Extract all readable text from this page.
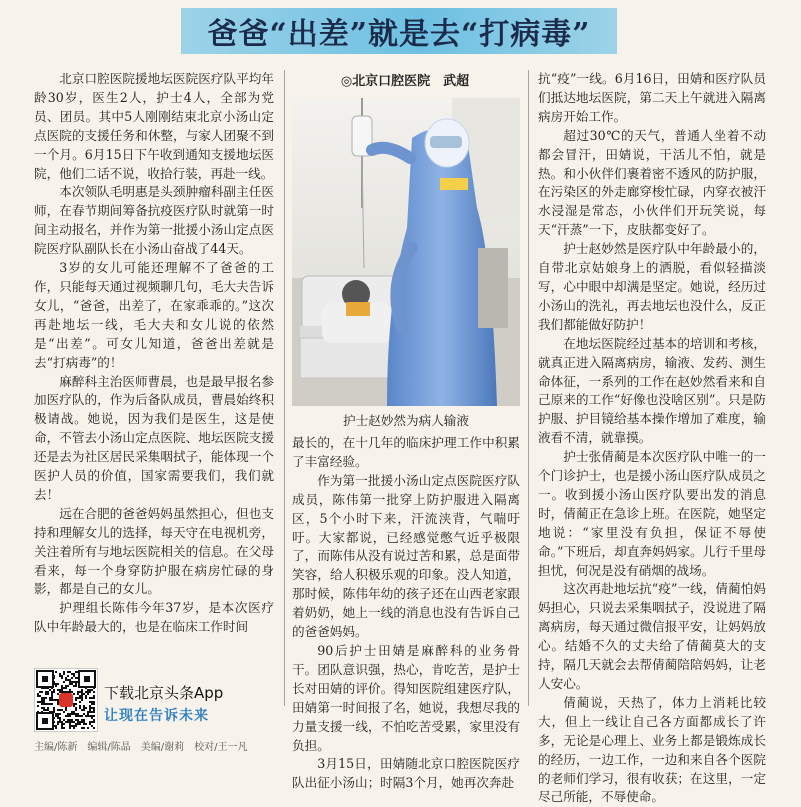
爸爸“出差”就是去“打病毒”

北京口腔医院援地坛医院医疗队平均年龄30岁，医生2人，护士4人，全部为党员、团员。其中5人刚刚结束北京小汤山定点医院的支援任务和休整，与家人团聚不到一个月。6月15日下午收到通知支援地坛医院，他们二话不说，收拾行装，再赴一线。

本次领队毛明惠是头颈肿瘤科副主任医师，在春节期间筹备抗疫医疗队时就第一时间主动报名，并作为第一批援小汤山定点医院医疗队副队长在小汤山奋战了44天。

3岁的女儿可能还理解不了爸爸的工作，只能每天通过视频聊几句，毛大夫告诉女儿，“爸爸，出差了，在家乖乖的。”这次再赴地坛一线，毛大夫和女儿说的依然是“出差”。可女儿知道，爸爸出差就是去“打病毒”的！

麻醉科主治医师曹晨，也是最早报名参加医疗队的，作为后备队成员，曹晨始终积极请战。她说，因为我们是医生，这是使命，不管去小汤山定点医院、地坛医院支援还是去为社区居民采集咽拭子，能体现一个医护人员的价值，国家需要我们，我们就去！

远在合肥的爸爸妈妈虽然担心，但也支持和理解女儿的选择，每天守在电视机旁，关注着所有与地坛医院相关的信息。在父母看来，每一个身穿防护服在病房忙碌的身影，都是自己的女儿。

护理组长陈伟今年37岁，是本次医疗队中年龄最大的，也是在临床工作时间

◎北京口腔医院　武超
护士赵妙然为病人输液

最长的，在十几年的临床护理工作中积累了丰富经验。

作为第一批援小汤山定点医院医疗队成员，陈伟第一批穿上防护服进入隔离区，5个小时下来，汗流浃背，气喘吁吁。大家都说，已经感觉憋气近乎极限了，而陈伟从没有说过苦和累，总是面带笑容，给人积极乐观的印象。没人知道，那时候，陈伟年幼的孩子还在山西老家跟着奶奶，她上一线的消息也没有告诉自己的爸爸妈妈。

90后护士田婧是麻醉科的业务骨干。团队意识强，热心，肯吃苦，是护士长对田婧的评价。得知医院组建医疗队，田婧第一时间报了名，她说，我想尽我的力量支援一线，不怕吃苦受累，家里没有负担。

3月15日，田婧随北京口腔医院医疗队出征小汤山；时隔3个月，她再次奔赴

抗“疫”一线。6月16日，田婧和医疗队员们抵达地坛医院，第二天上午就进入隔离病房开始工作。

超过30℃的天气，普通人坐着不动都会冒汗，田婧说，干活儿不怕，就是热。和小伙伴们裹着密不透风的防护服，在污染区的外走廊穿梭忙碌，内穿衣被汗水浸湿是常态，小伙伴们开玩笑说，每天“汗蒸”一下，皮肤都变好了。

护士赵妙然是医疗队中年龄最小的，自带北京姑娘身上的洒脱，看似轻描淡写，心中眼中却满是坚定。她说，经历过小汤山的洗礼，再去地坛也没什么，反正我们都能做好防护！

在地坛医院经过基本的培训和考核，就真正进入隔离病房，输液、发药、测生命体征，一系列的工作在赵妙然看来和自己原来的工作“好像也没啥区别”。只是防护服、护目镜给基本操作增加了难度，输液看不清，就靠摸。

护士张倩蔺是本次医疗队中唯一的一个门诊护士，也是援小汤山医疗队成员之一。收到援小汤山医疗队要出发的消息时，倩蔺正在急诊上班。在医院，她坚定地说：“家里没有负担，保证不辱使命。”下班后，却直奔妈妈家。儿行千里母担忧，何况是没有硝烟的战场。

这次再赴地坛抗“疫”一线，倩蔺怕妈妈担心，只说去采集咽拭子，没说进了隔离病房，每天通过微信报平安，让妈妈放心。结婚不久的丈夫给了倩蔺莫大的支持，隔几天就会去帮倩蔺陪陪妈妈，让老人安心。

倩蔺说，天热了，体力上消耗比较大，但上一线让自己各方面都成长了许多，无论是心理上、业务上都是锻炼成长的经历，一边工作，一边和来自各个医院的老师们学习，很有收获；在这里，一定尽己所能，不辱使命。

下载北京头条App
让现在告诉未来
主编/陈新　编辑/陈晶　美编/谢莉　校对/王一凡
